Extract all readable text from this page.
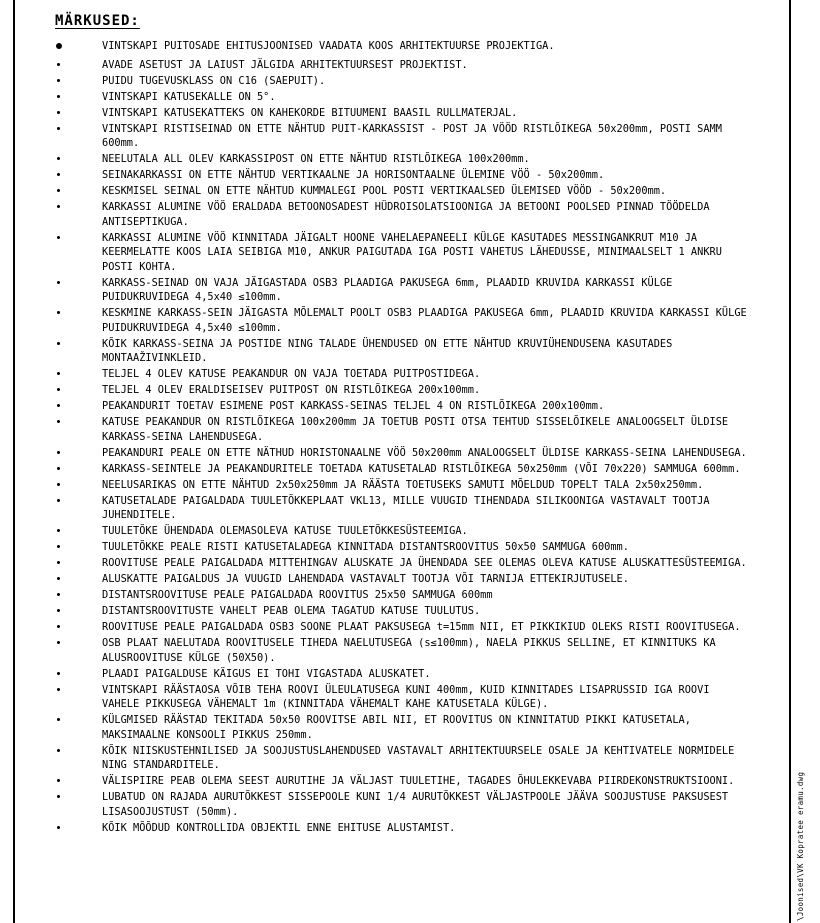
\Joonised\VK Kopratee eramu.dwg
MÄRKUSED:
VINTSKAPI PUITOSADE EHITUSJOONISED VAADATA KOOS ARHITEKTUURSE PROJEKTIGA.
AVADE ASETUST JA LAIUST JÄLGIDA ARHITEKTUURSEST PROJEKTIST.
PUIDU TUGEVUSKLASS ON C16 (SAEPUIT).
VINTSKAPI KATUSEKALLE ON 5°.
VINTSKAPI KATUSEKATTEKS ON KAHEKORDE BITUUMENI BAASIL RULLMATERJAL.
VINTSKAPI RISTISEINAD ON ETTE NÄHTUD PUIT-KARKASSIST - POST JA VÖÖD RISTLÕIKEGA 50x200mm, POSTI SAMM 600mm.
NEELUTALA ALL OLEV KARKASSIPOST ON ETTE NÄHTUD RISTLÕIKEGA 100x200mm.
SEINAKARKASSI ON ETTE NÄHTUD VERTIKAALNE JA HORISONTAALNE ÜLEMINE VÖÖ - 50x200mm.
KESKMISEL SEINAL ON ETTE NÄHTUD KUMMALEGI POOL POSTI VERTIKAALSED ÜLEMISED VÖÖD - 50x200mm.
KARKASSI ALUMINE VÖÖ ERALDADA BETOONOSADEST HÜDROISOLATSIOONIGA JA BETOONI POOLSED PINNAD TÖÖDELDA ANTISEPTIKUGA.
KARKASSI ALUMINE VÖÖ KINNITADA JÄIGALT HOONE VAHELAEPANEELI KÜLGE KASUTADES MESSINGANKRUT M10 JA KEERMELATTE KOOS LAIA SEIBIGA M10, ANKUR PAIGUTADA IGA POSTI VAHETUS LÄHEDUSSE, MINIMAALSELT 1 ANKRU POSTI KOHTA.
KARKASS-SEINAD ON VAJA JÄIGASTADA OSB3 PLAADIGA PAKUSEGA 6mm, PLAADID KRUVIDA KARKASSI KÜLGE PUIDUKRUVIDEGA 4,5x40 ≤100mm.
KESKMINE KARKASS-SEIN JÄIGASTA MÕLEMALT POOLT OSB3 PLAADIGA PAKUSEGA 6mm, PLAADID KRUVIDA KARKASSI KÜLGE PUIDUKRUVIDEGA 4,5x40 ≤100mm.
KÕIK KARKASS-SEINA JA POSTIDE NING TALADE ÜHENDUSED ON ETTE NÄHTUD KRUVIÜHENDUSENA KASUTADES MONTAAŽIVINKLEID.
TELJEL 4 OLEV KATUSE PEAKANDUR ON VAJA TOETADA PUITPOSTIDEGA.
TELJEL 4 OLEV ERALDISEISEV PUITPOST ON RISTLÕIKEGA 200x100mm.
PEAKANDURIT TOETAV ESIMENE POST KARKASS-SEINAS TELJEL 4 ON RISTLÕIKEGA 200x100mm.
KATUSE PEAKANDUR ON RISTLÕIKEGA 100x200mm JA TOETUB POSTI OTSA TEHTUD SISSELÕIKELE ANALOOGSELT ÜLDISE KARKASS-SEINA LAHENDUSEGA.
PEAKANDURI PEALE ON ETTE NÄTHUD HORISTONAALNE VÖÖ 50x200mm ANALOOGSELT ÜLDISE KARKASS-SEINA LAHENDUSEGA.
KARKASS-SEINTELE JA PEAKANDURITELE TOETADA KATUSETALAD RISTLÕIKEGA 50x250mm (VÕI 70x220) SAMMUGA 600mm.
NEELUSARIKAS ON ETTE NÄHTUD 2x50x250mm JA RÄÄSTA TOETUSEKS SAMUTI MÕELDUD TOPELT TALA 2x50x250mm.
KATUSETALADE PAIGALDADA TUULETÕKKEPLAAT VKL13, MILLE VUUGID TIHENDADA SILIKOONIGA VASTAVALT TOOTJA JUHENDITELE.
TUULETÕKE ÜHENDADA OLEMASOLEVA KATUSE TUULETÕKKESÜSTEEMIGA.
TUULETÕKKE PEALE RISTI KATUSETALADEGA KINNITADA DISTANTSROOVITUS 50x50 SAMMUGA 600mm.
ROOVITUSE PEALE PAIGALDADA MITTEHINGAV ALUSKATE JA ÜHENDADA SEE OLEMAS OLEVA KATUSE ALUSKATTESÜSTEEMIGA.
ALUSKATTE PAIGALDUS JA VUUGID LAHENDADA VASTAVALT TOOTJA VÕI TARNIJA ETTEKIRJUTUSELE.
DISTANTSROOVITUSE PEALE PAIGALDADA ROOVITUS 25x50 SAMMUGA 600mm
DISTANTSROOVITUSTE VAHELT PEAB OLEMA TAGATUD KATUSE TUULUTUS.
ROOVITUSE PEALE PAIGALDADA OSB3 SOONE PLAAT PAKSUSEGA t=15mm NII, ET PIKKIKIUD OLEKS RISTI ROOVITUSEGA.
OSB PLAAT NAELUTADA ROOVITUSELE TIHEDA NAELUTUSEGA (s≤100mm), NAELA PIKKUS SELLINE, ET KINNITUKS KA ALUSROOVITUSE KÜLGE (50X50).
PLAADI PAIGALDUSE KÄIGUS EI TOHI VIGASTADA ALUSKATET.
VINTSKAPI RÄÄSTAOSA VÕIB TEHA ROOVI ÜLEULATUSEGA KUNI 400mm, KUID KINNITADES LISAPRUSSID IGA ROOVI VAHELE PIKKUSEGA VÄHEMALT 1m (KINNITADA VÄHEMALT KAHE KATUSETALA KÜLGE).
KÜLGMISED RÄÄSTAD TEKITADA 50x50 ROOVITSE ABIL NII, ET ROOVITUS ON KINNITATUD PIKKI KATUSETALA, MAKSIMAALNE KONSOOLI PIKKUS 250mm.
KÕIK NIISKUSTEHNILISED JA SOOJUSTUSLAHENDUSED VASTAVALT ARHITEKTUURSELE OSALE JA KEHTIVATELE NORMIDELE NING STANDARDITELE.
VÄLISPIIRE PEAB OLEMA SEEST AURUTIHE JA VÄLJAST TUULETIHE, TAGADES ÕHULEKKEVABA PIIRDEKONSTRUKTSIOONI.
LUBATUD ON RAJADA AURUTÕKKEST SISSEPOOLE KUNI 1/4 AURUTÕKKEST VÄLJASTPOOLE JÄÄVA SOOJUSTUSE PAKSUSEST LISASOOJUSTUST (50mm).
KÕIK MÕÕDUD KONTROLLIDA OBJEKTIL ENNE EHITUSE ALUSTAMIST.
